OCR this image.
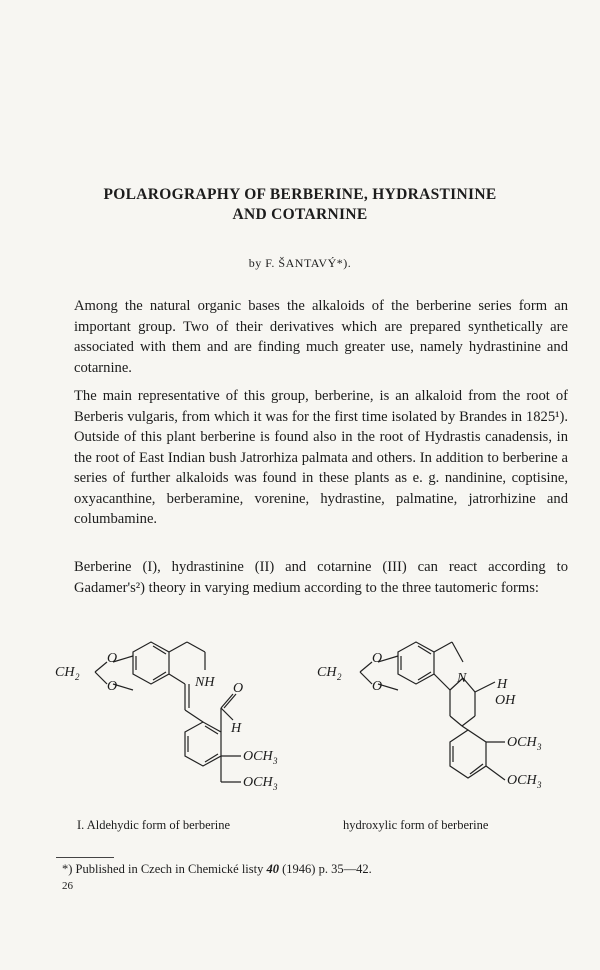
POLAROGRAPHY OF BERBERINE, HYDRASTININE
AND COTARNINE
by F. ŠANTAVÝ*).

Among the natural organic bases the alkaloids of the berberine series form an important group. Two of their derivatives which are prepared synthetically are associated with them and are finding much greater use, namely hydrastinine and cotarnine.

The main representative of this group, berberine, is an alkaloid from the root of Berberis vulgaris, from which it was for the first time isolated by Brandes in 1825¹). Outside of this plant berberine is found also in the root of Hydrastis canadensis, in the root of East Indian bush Jatrorhiza palmata and others. In addition to berberine a series of further alkaloids was found in these plants as e. g. nandinine, coptisine, oxyacanthine, berberamine, vorenine, hydrastine, palmatine, jatrorhizine and columbamine.

Berberine (I), hydrastinine (II) and cotarnine (III) can react according to Gadamer's²) theory in varying medium according to the three tautomeric forms:

CH 2
O
O	NH O
H
OCH 3
OCH 3
CH 2
O
O
N H
OH
OCH 3
OCH 3
I. Aldehydic form of berberine	hydroxylic form of berberine
*) Published in Czech in Chemické listy 40 (1946) p. 35—42.
26
